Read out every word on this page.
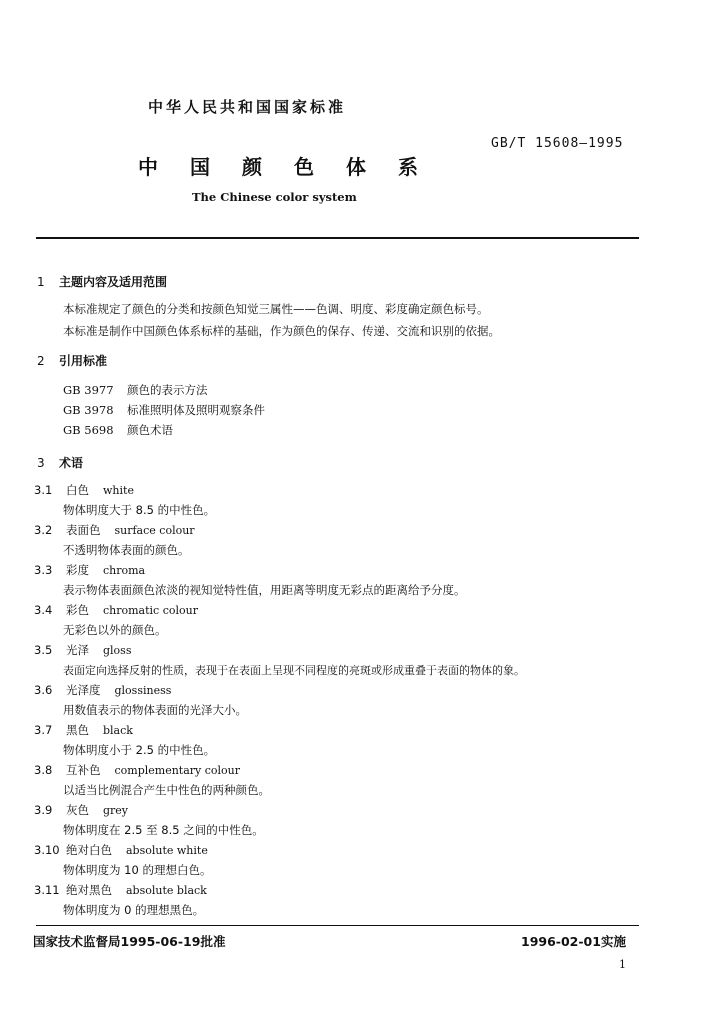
中华人民共和国国家标准
GB/T 15608—1995
中 国 颜 色 体 系
The Chinese color system
1 主题内容及适用范围
本标准规定了颜色的分类和按颜色知觉三属性——色调、明度、彩度确定颜色标号。
本标准是制作中国颜色体系标样的基础，作为颜色的保存、传递、交流和识别的依据。
2 引用标准
GB 3977 颜色的表示方法
GB 3978 标准照明体及照明观察条件
GB 5698 颜色术语
3 术语
3.1 白色 white
物体明度大于 8.5 的中性色。
3.2 表面色 surface colour
不透明物体表面的颜色。
3.3 彩度 chroma
表示物体表面颜色浓淡的视知觉特性值，用距离等明度无彩点的距离给予分度。
3.4 彩色 chromatic colour
无彩色以外的颜色。
3.5 光泽 gloss
表面定向选择反射的性质，表现于在表面上呈现不同程度的亮斑或形成重叠于表面的物体的象。
3.6 光泽度 glossiness
用数值表示的物体表面的光泽大小。
3.7 黑色 black
物体明度小于 2.5 的中性色。
3.8 互补色 complementary colour
以适当比例混合产生中性色的两种颜色。
3.9 灰色 grey
物体明度在 2.5 至 8.5 之间的中性色。
3.10 绝对白色 absolute white
物体明度为 10 的理想白色。
3.11 绝对黑色 absolute black
物体明度为 0 的理想黑色。
国家技术监督局1995-06-19批准	1996-02-01实施
1
